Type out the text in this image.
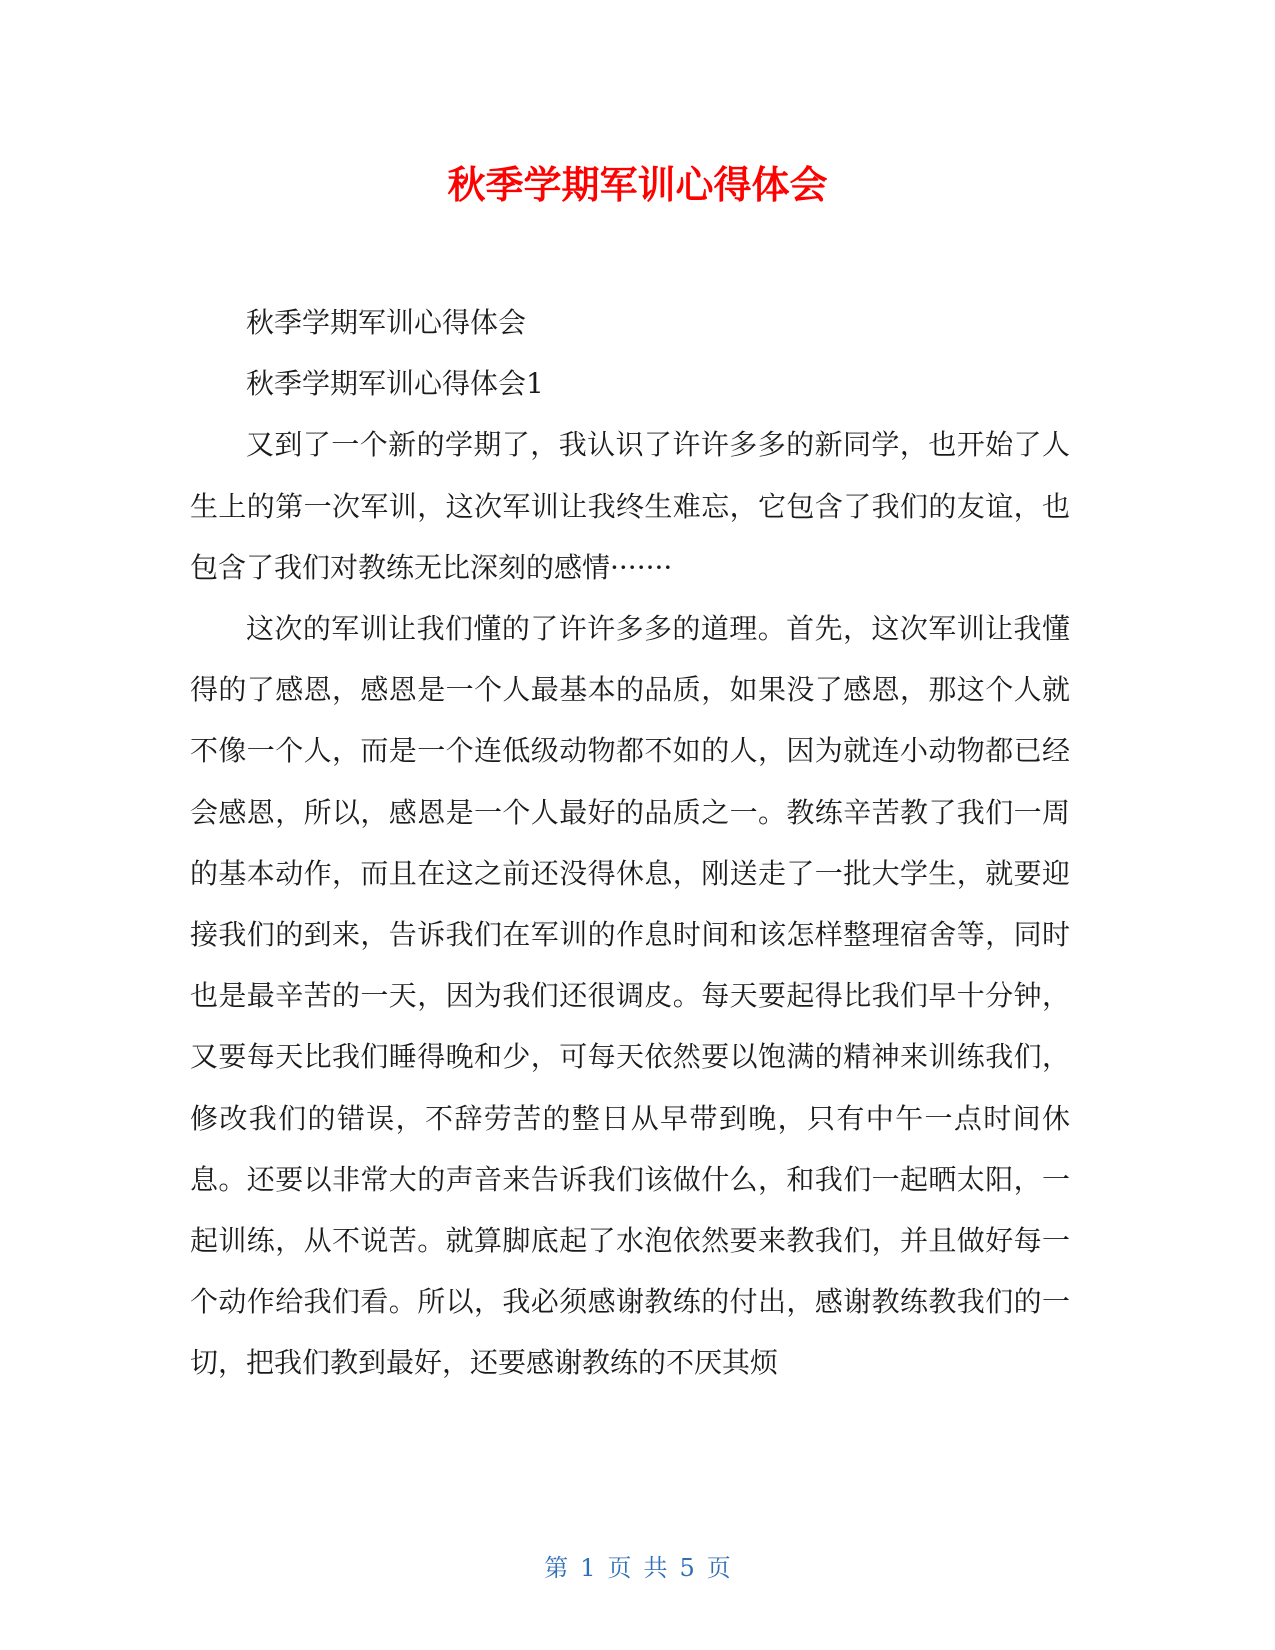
秋季学期军训心得体会

秋季学期军训心得体会

秋季学期军训心得体会1

又到了一个新的学期了，我认识了许许多多的新同学，也开始了人生上的第一次军训，这次军训让我终生难忘，它包含了我们的友谊，也包含了我们对教练无比深刻的感情·······

这次的军训让我们懂的了许许多多的道理。首先，这次军训让我懂得的了感恩，感恩是一个人最基本的品质，如果没了感恩，那这个人就不像一个人，而是一个连低级动物都不如的人，因为就连小动物都已经会感恩，所以，感恩是一个人最好的品质之一。教练辛苦教了我们一周的基本动作，而且在这之前还没得休息，刚送走了一批大学生，就要迎接我们的到来，告诉我们在军训的作息时间和该怎样整理宿舍等，同时也是最辛苦的一天，因为我们还很调皮。每天要起得比我们早十分钟，又要每天比我们睡得晚和少，可每天依然要以饱满的精神来训练我们，修改我们的错误，不辞劳苦的整日从早带到晚，只有中午一点时间休息。还要以非常大的声音来告诉我们该做什么，和我们一起晒太阳，一起训练，从不说苦。就算脚底起了水泡依然要来教我们，并且做好每一个动作给我们看。所以，我必须感谢教练的付出，感谢教练教我们的一切，把我们教到最好，还要感谢教练的不厌其烦

第 1 页 共 5 页
